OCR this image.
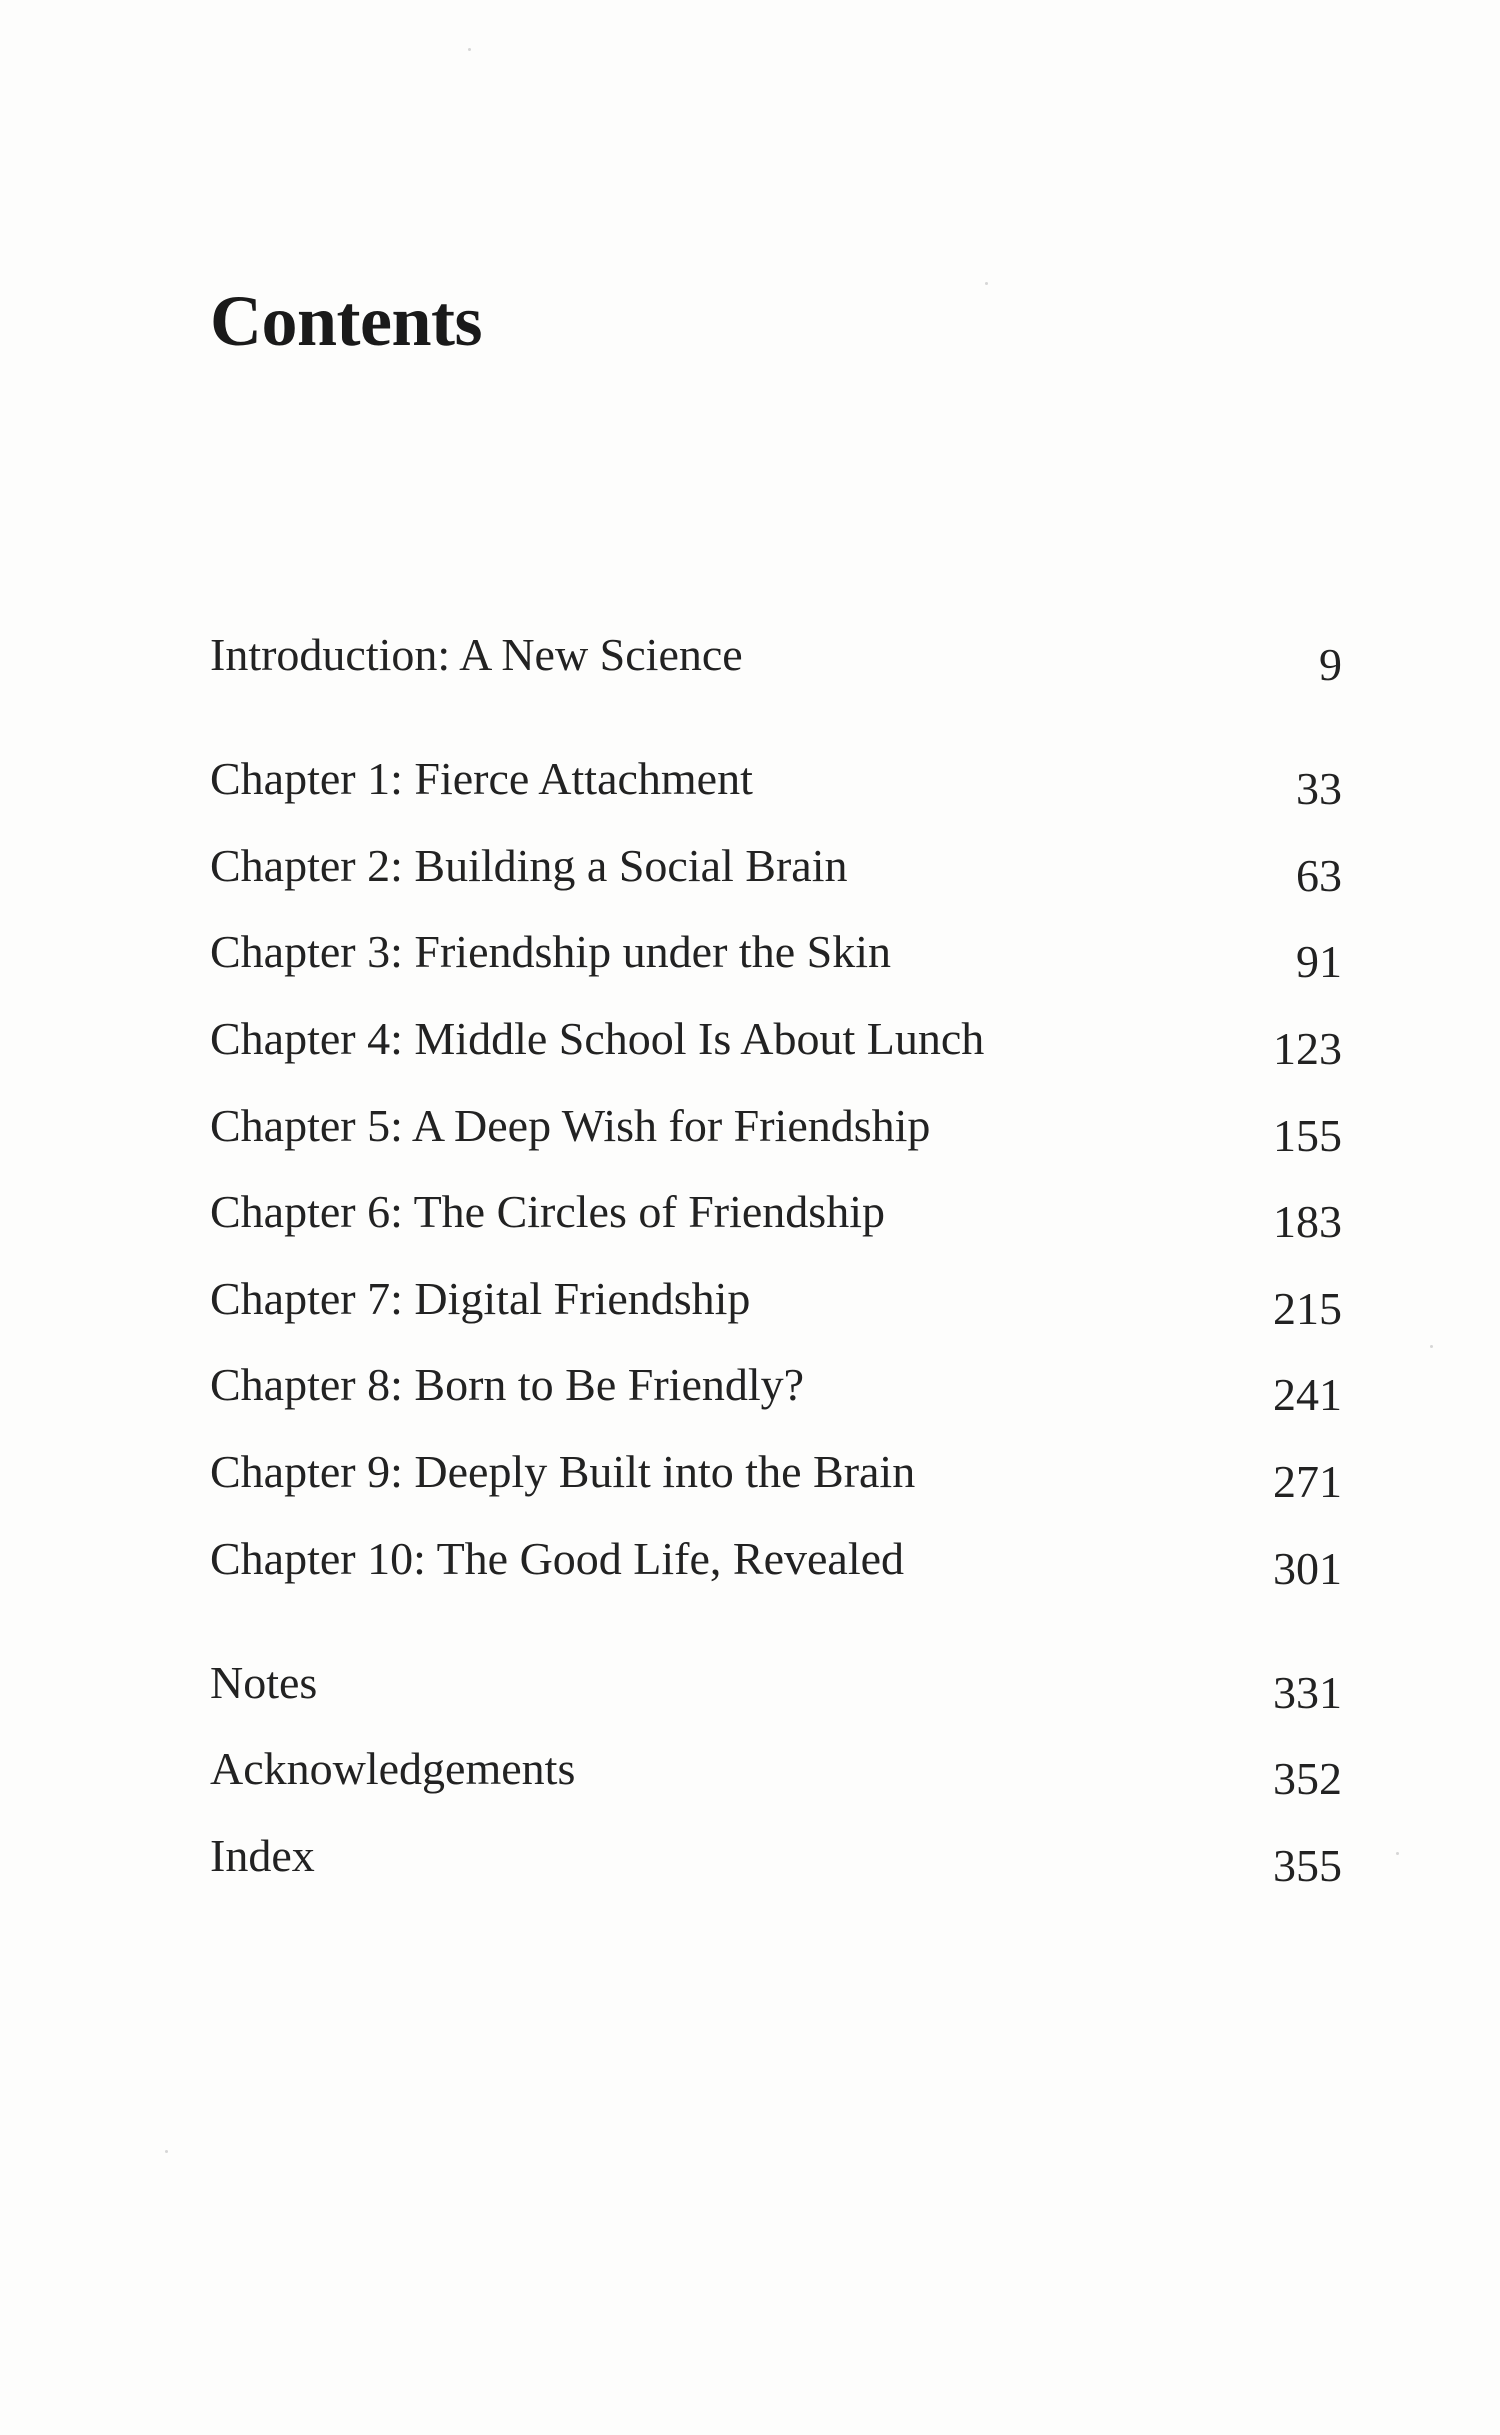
Contents
Introduction: A New Science	9
Chapter 1: Fierce Attachment	33
Chapter 2: Building a Social Brain	63
Chapter 3: Friendship under the Skin	91
Chapter 4: Middle School Is About Lunch	123
Chapter 5: A Deep Wish for Friendship	155
Chapter 6: The Circles of Friendship	183
Chapter 7: Digital Friendship	215
Chapter 8: Born to Be Friendly?	241
Chapter 9: Deeply Built into the Brain	271
Chapter 10: The Good Life, Revealed	301
Notes	331
Acknowledgements	352
Index	355
